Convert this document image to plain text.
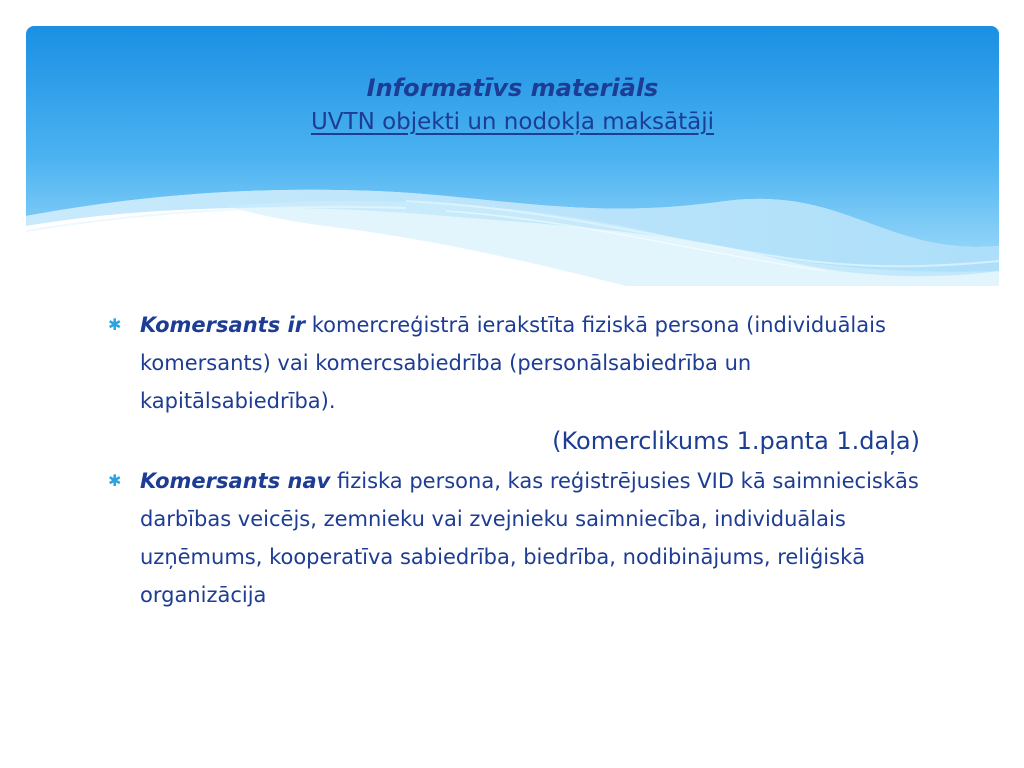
Informatīvs materiāls
UVTN objekti un nodokļa maksātāji
✱ Komersants ir komercreģistrā ierakstīta fiziskā persona (individuālais komersants) vai komercsabiedrība (personālsabiedrība un kapitālsabiedrība).
(Komerclikums 1.panta 1.daļa)
✱ Komersants nav fiziska persona, kas reģistrējusies VID kā saimnieciskās darbības veicējs, zemnieku vai zvejnieku saimniecība, individuālais uzņēmums, kooperatīva sabiedrība, biedrība, nodibinājums, reliģiskā organizācija
